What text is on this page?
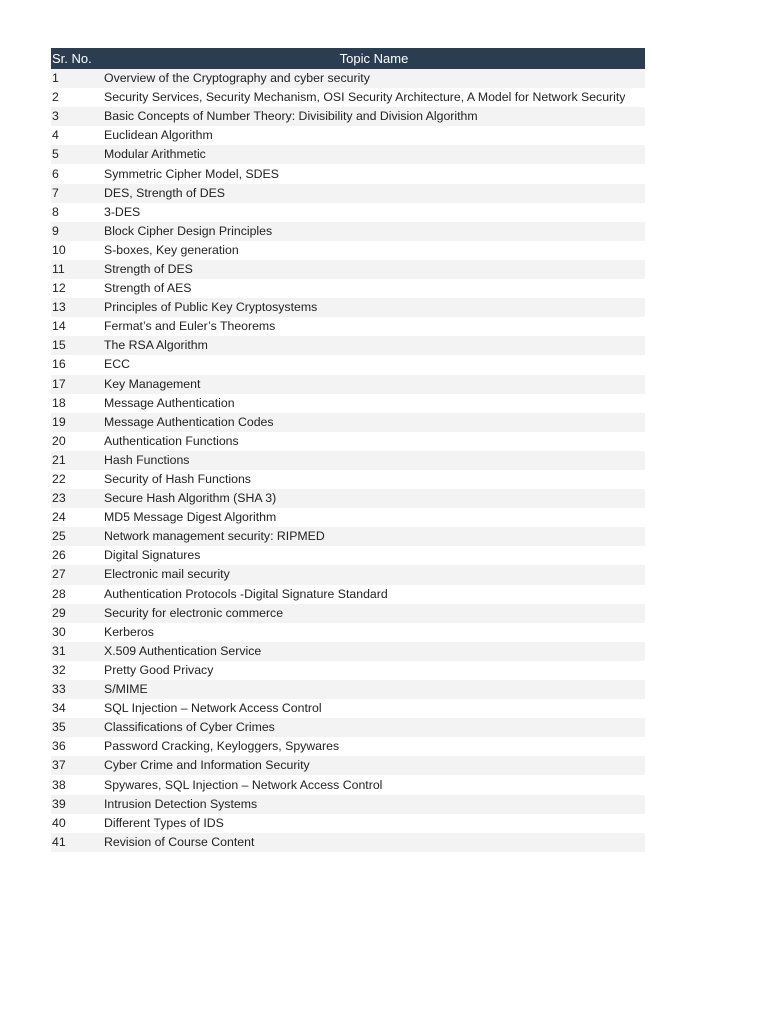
Sr. No.	Topic Name
1	Overview of the Cryptography and cyber security
2	Security Services, Security Mechanism, OSI Security Architecture, A Model for Network Security
3	Basic Concepts of Number Theory: Divisibility and Division Algorithm
4	Euclidean Algorithm
5	Modular Arithmetic
6	Symmetric Cipher Model, SDES
7	DES, Strength of DES
8	3-DES
9	Block Cipher Design Principles
10	S-boxes, Key generation
11	Strength of DES
12	Strength of AES
13	Principles of Public Key Cryptosystems
14	Fermat’s and Euler’s Theorems
15	The RSA Algorithm
16	ECC
17	Key Management
18	Message Authentication
19	Message Authentication Codes
20	Authentication Functions
21	Hash Functions
22	Security of Hash Functions
23	Secure Hash Algorithm (SHA 3)
24	MD5 Message Digest Algorithm
25	Network management security: RIPMED
26	Digital Signatures
27	Electronic mail security
28	Authentication Protocols -Digital Signature Standard
29	Security for electronic commerce
30	Kerberos
31	X.509 Authentication Service
32	Pretty Good Privacy
33	S/MIME
34	SQL Injection – Network Access Control
35	Classifications of Cyber Crimes
36	Password Cracking, Keyloggers, Spywares
37	Cyber Crime and Information Security
38	Spywares, SQL Injection – Network Access Control
39	Intrusion Detection Systems
40	Different Types of IDS
41	Revision of Course Content
